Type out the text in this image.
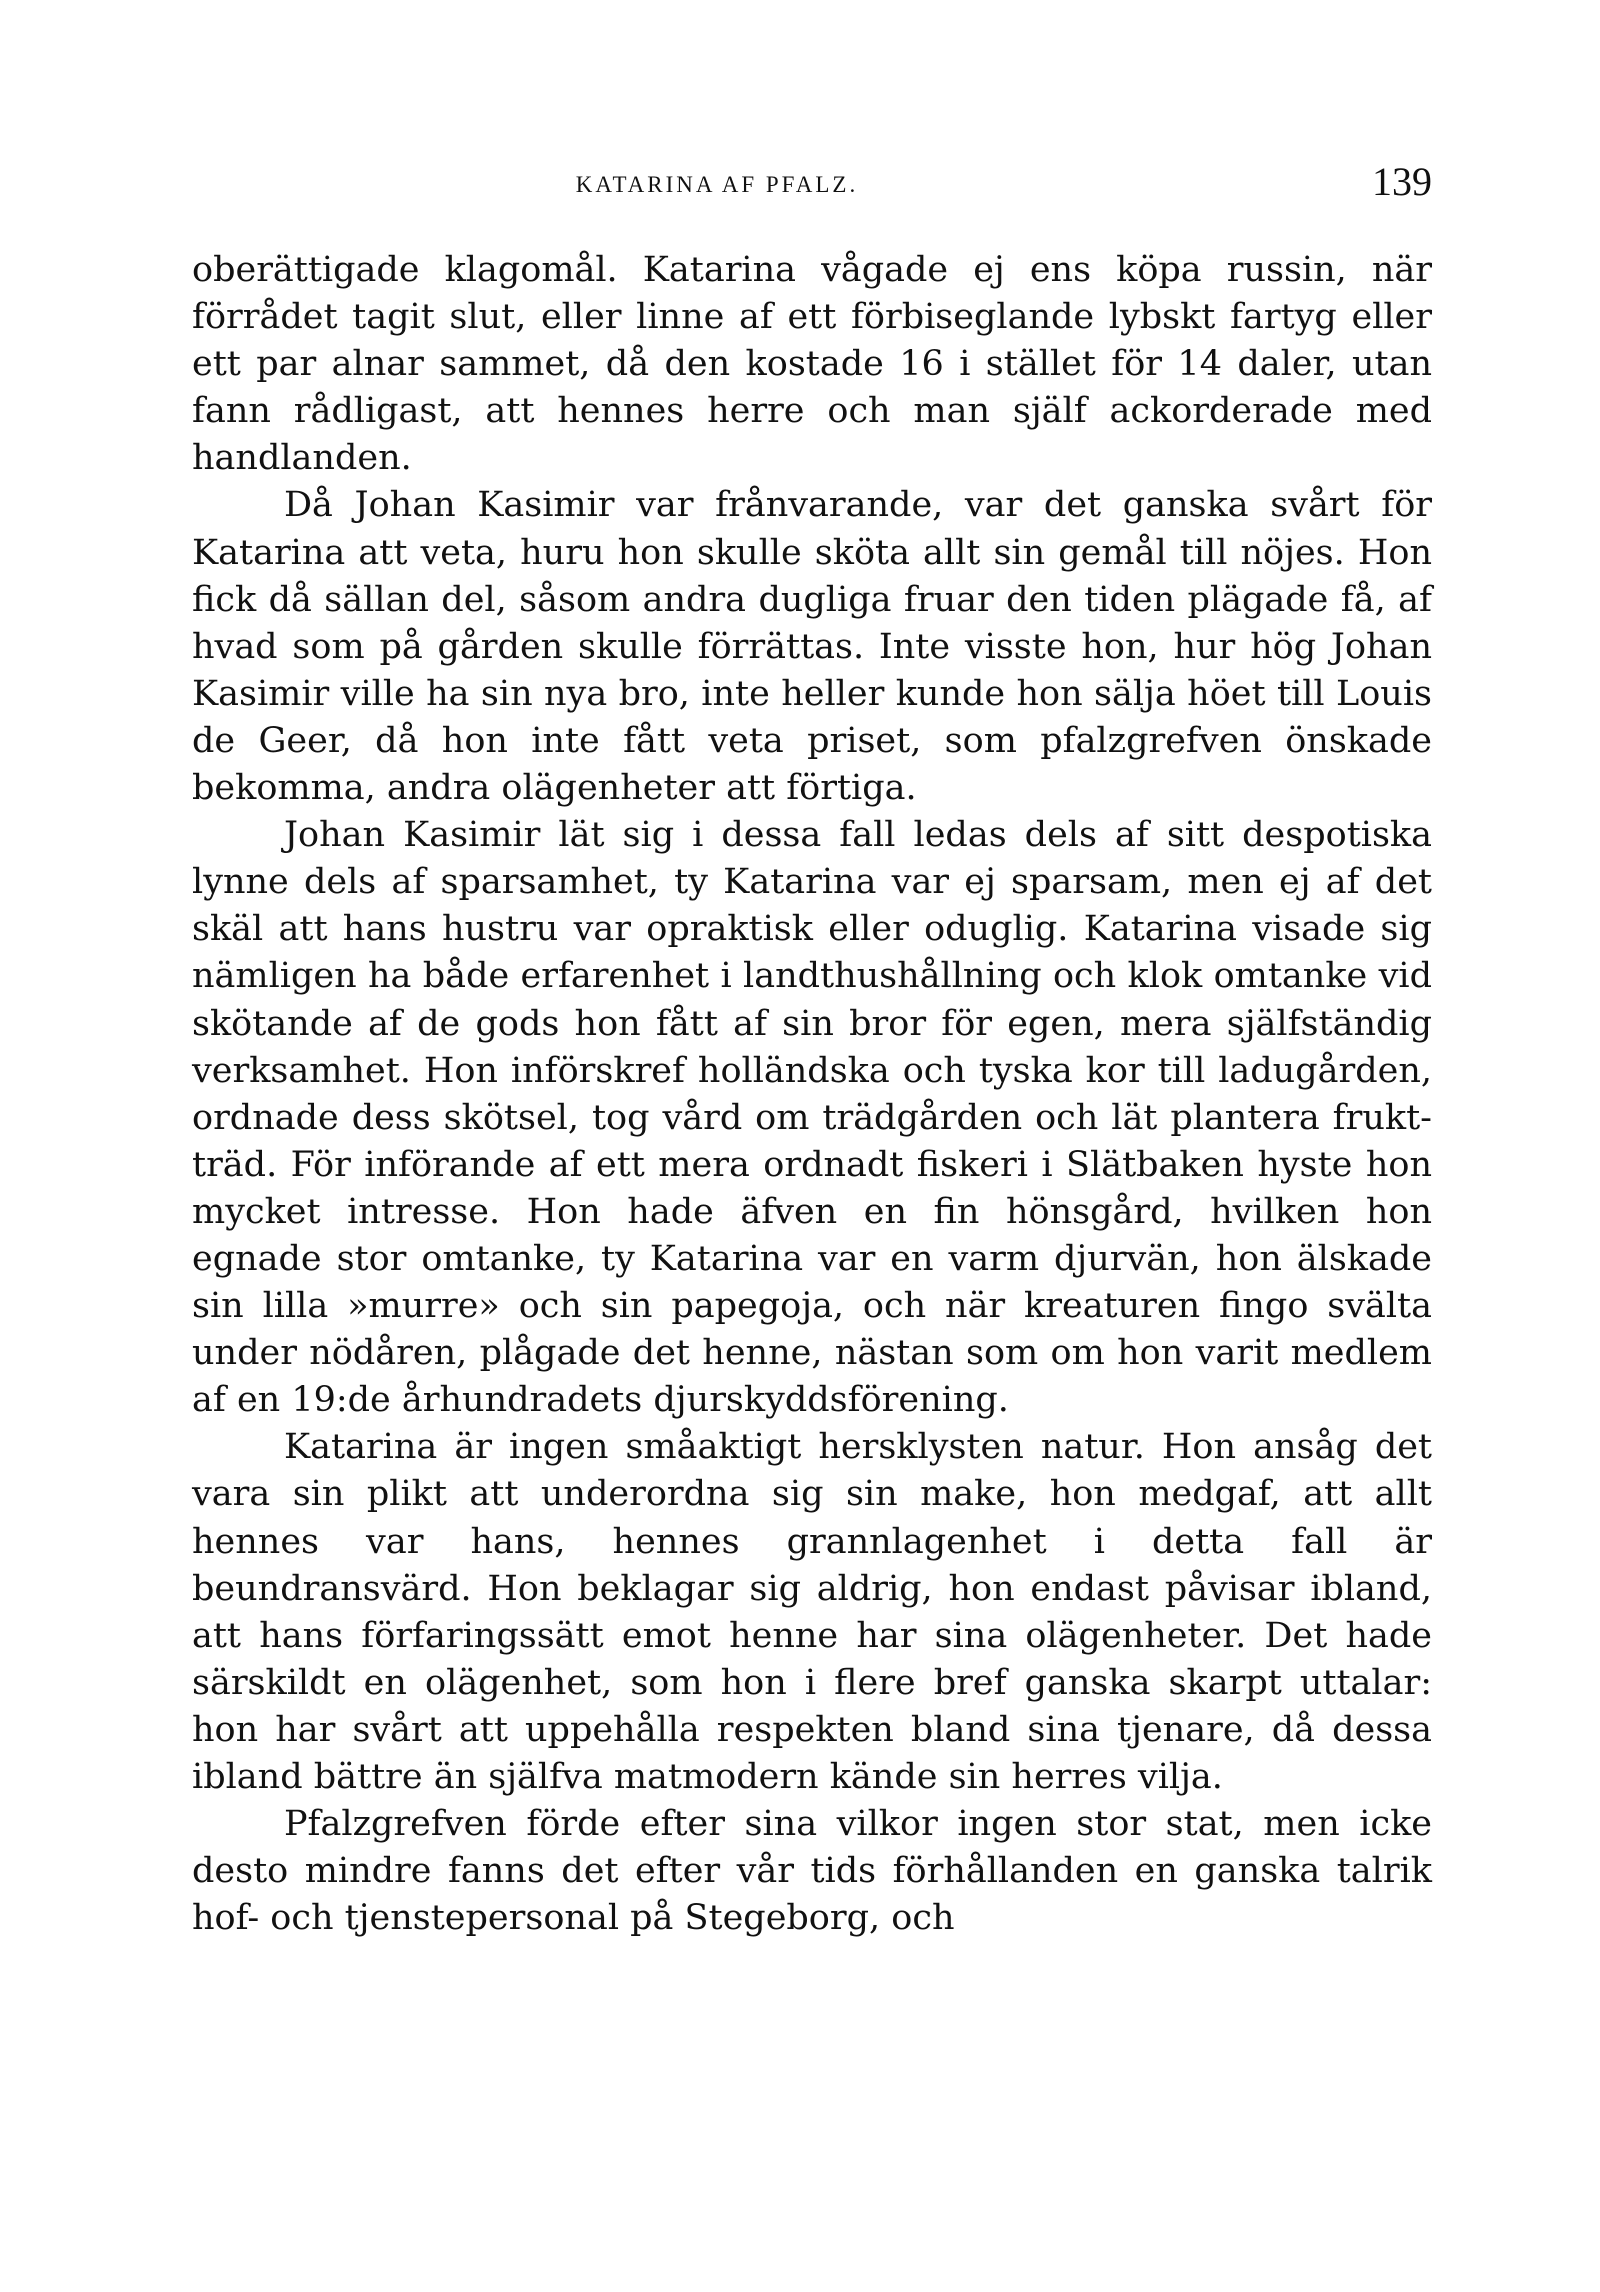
KATARINA AF PFALZ.	139

oberättigade klagomål. Katarina vågade ej ens köpa russin, när förrådet tagit slut, eller linne af ett förbiseglande lybskt fartyg eller ett par alnar sammet, då den kostade 16 i stället för 14 daler, utan fann rådligast, att hennes herre och man själf ackorderade med handlanden.

Då Johan Kasimir var frånvarande, var det ganska svårt för Katarina att veta, huru hon skulle sköta allt sin gemål till nöjes. Hon fick då sällan del, såsom andra dugliga fruar den tiden plägade få, af hvad som på gården skulle förrättas. Inte visste hon, hur hög Johan Kasimir ville ha sin nya bro, inte heller kunde hon sälja höet till Louis de Geer, då hon inte fått veta priset, som pfalzgrefven önskade bekomma, andra olägenheter att förtiga.

Johan Kasimir lät sig i dessa fall ledas dels af sitt despotiska lynne dels af sparsamhet, ty Katarina var ej sparsam, men ej af det skäl att hans hustru var opraktisk eller oduglig. Katarina visade sig nämligen ha både erfarenhet i landthushållning och klok omtanke vid skötande af de gods hon fått af sin bror för egen, mera själfständig verksamhet. Hon införskref holländska och tyska kor till ladugården, ordnade dess skötsel, tog vård om trädgården och lät plantera frukt-träd. För införande af ett mera ordnadt fiskeri i Slätbaken hyste hon mycket intresse. Hon hade äfven en fin hönsgård, hvilken hon egnade stor omtanke, ty Katarina var en varm djurvän, hon älskade sin lilla »murre» och sin papegoja, och när kreaturen fingo svälta under nödåren, plågade det henne, nästan som om hon varit medlem af en 19:de århundradets djurskyddsförening.

Katarina är ingen småaktigt hersklysten natur. Hon ansåg det vara sin plikt att underordna sig sin make, hon medgaf, att allt hennes var hans, hennes grannlagenhet i detta fall är beundransvärd. Hon beklagar sig aldrig, hon endast påvisar ibland, att hans förfaringssätt emot henne har sina olägenheter. Det hade särskildt en olägenhet, som hon i flere bref ganska skarpt uttalar: hon har svårt att uppehålla respekten bland sina tjenare, då dessa ibland bättre än själfva matmodern kände sin herres vilja.

Pfalzgrefven förde efter sina vilkor ingen stor stat, men icke desto mindre fanns det efter vår tids förhållanden en ganska talrik hof- och tjenstepersonal på Stegeborg, och
